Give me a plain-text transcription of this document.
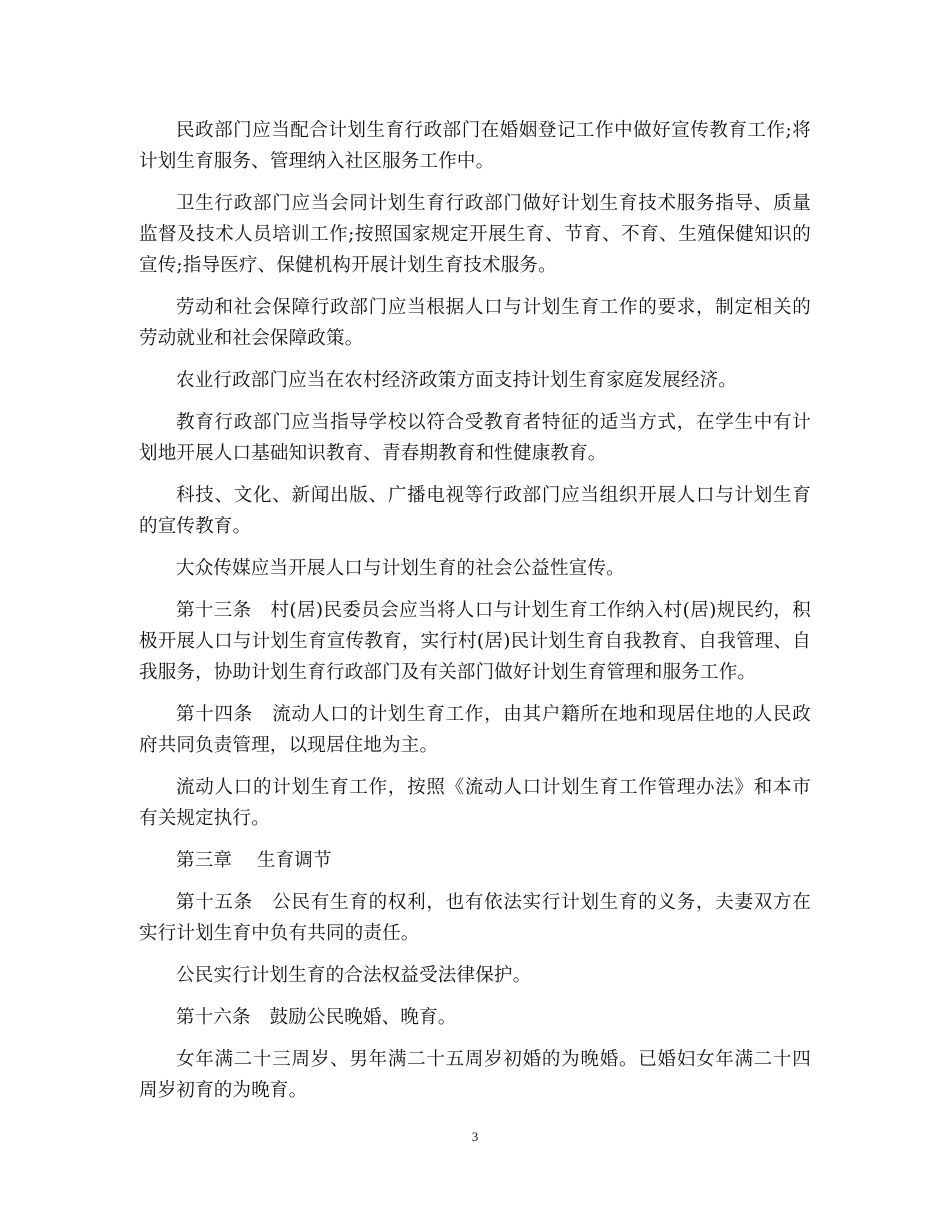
民政部门应当配合计划生育行政部门在婚姻登记工作中做好宣传教育工作;将计划生育服务、管理纳入社区服务工作中。

卫生行政部门应当会同计划生育行政部门做好计划生育技术服务指导、质量监督及技术人员培训工作;按照国家规定开展生育、节育、不育、生殖保健知识的宣传;指导医疗、保健机构开展计划生育技术服务。

劳动和社会保障行政部门应当根据人口与计划生育工作的要求，制定相关的劳动就业和社会保障政策。

农业行政部门应当在农村经济政策方面支持计划生育家庭发展经济。

教育行政部门应当指导学校以符合受教育者特征的适当方式，在学生中有计划地开展人口基础知识教育、青春期教育和性健康教育。

科技、文化、新闻出版、广播电视等行政部门应当组织开展人口与计划生育的宣传教育。

大众传媒应当开展人口与计划生育的社会公益性宣传。

第十三条　村(居)民委员会应当将人口与计划生育工作纳入村(居)规民约，积极开展人口与计划生育宣传教育，实行村(居)民计划生育自我教育、自我管理、自我服务，协助计划生育行政部门及有关部门做好计划生育管理和服务工作。

第十四条　流动人口的计划生育工作，由其户籍所在地和现居住地的人民政府共同负责管理，以现居住地为主。

流动人口的计划生育工作，按照《流动人口计划生育工作管理办法》和本市有关规定执行。

第三章　 生育调节

第十五条　公民有生育的权利，也有依法实行计划生育的义务，夫妻双方在实行计划生育中负有共同的责任。

公民实行计划生育的合法权益受法律保护。

第十六条　鼓励公民晚婚、晚育。

女年满二十三周岁、男年满二十五周岁初婚的为晚婚。已婚妇女年满二十四周岁初育的为晚育。

3
